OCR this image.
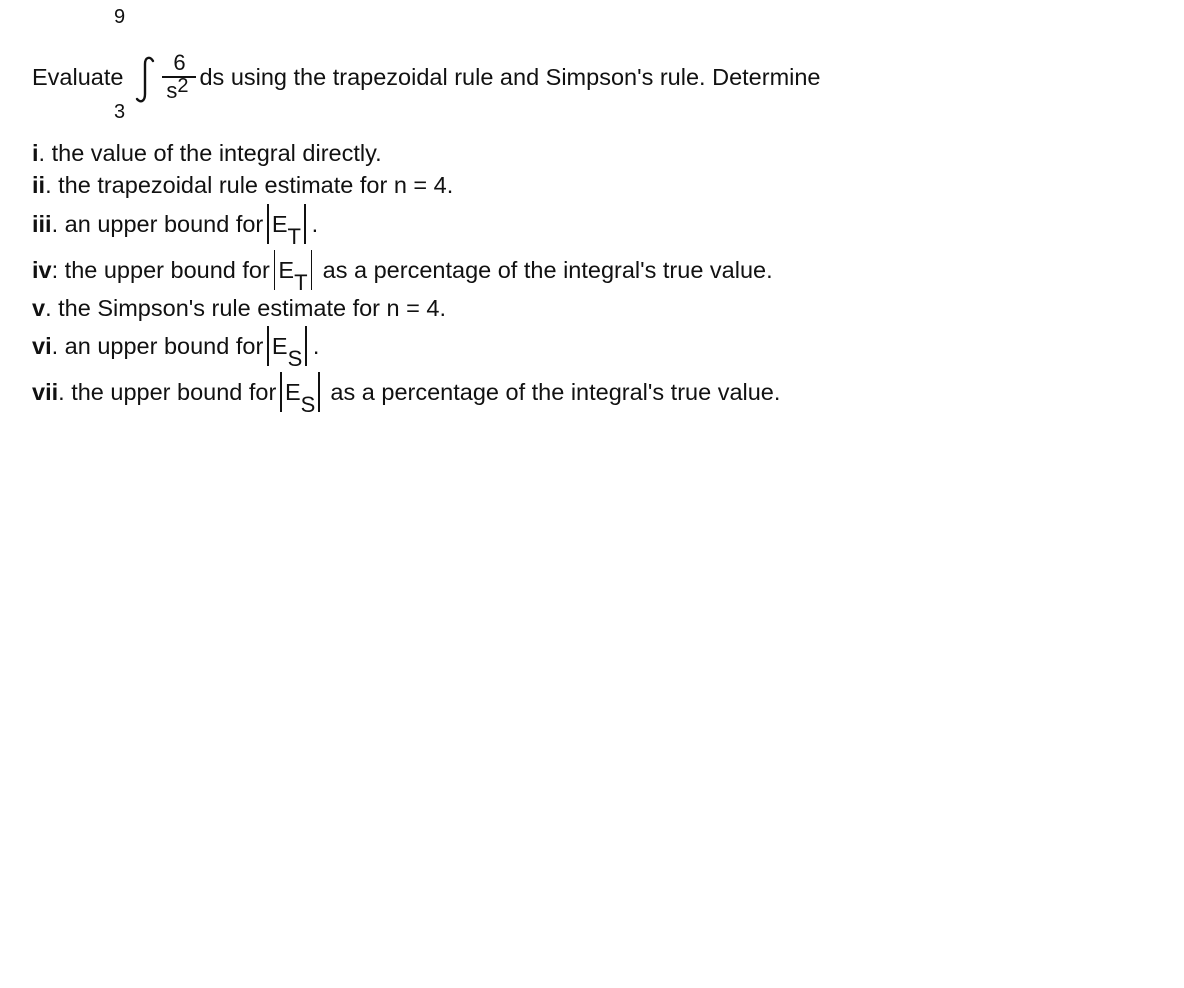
9
3
Evaluate $\frac{6}{s^2}$ ds
using the trapezoidal rule and Simpson's rule. Determine
i . the value of the integral directly.
ii . the trapezoidal rule estimate for n = 4.
iii . an upper bound for $E_T$ .
iv : the upper bound for $E_T$ as a percentage of the integral's true value.
v . the Simpson's rule estimate for n = 4.
vi . an upper bound for $E_S$ .
vii . the upper bound for $E_S$ as a percentage of the integral's true value.
